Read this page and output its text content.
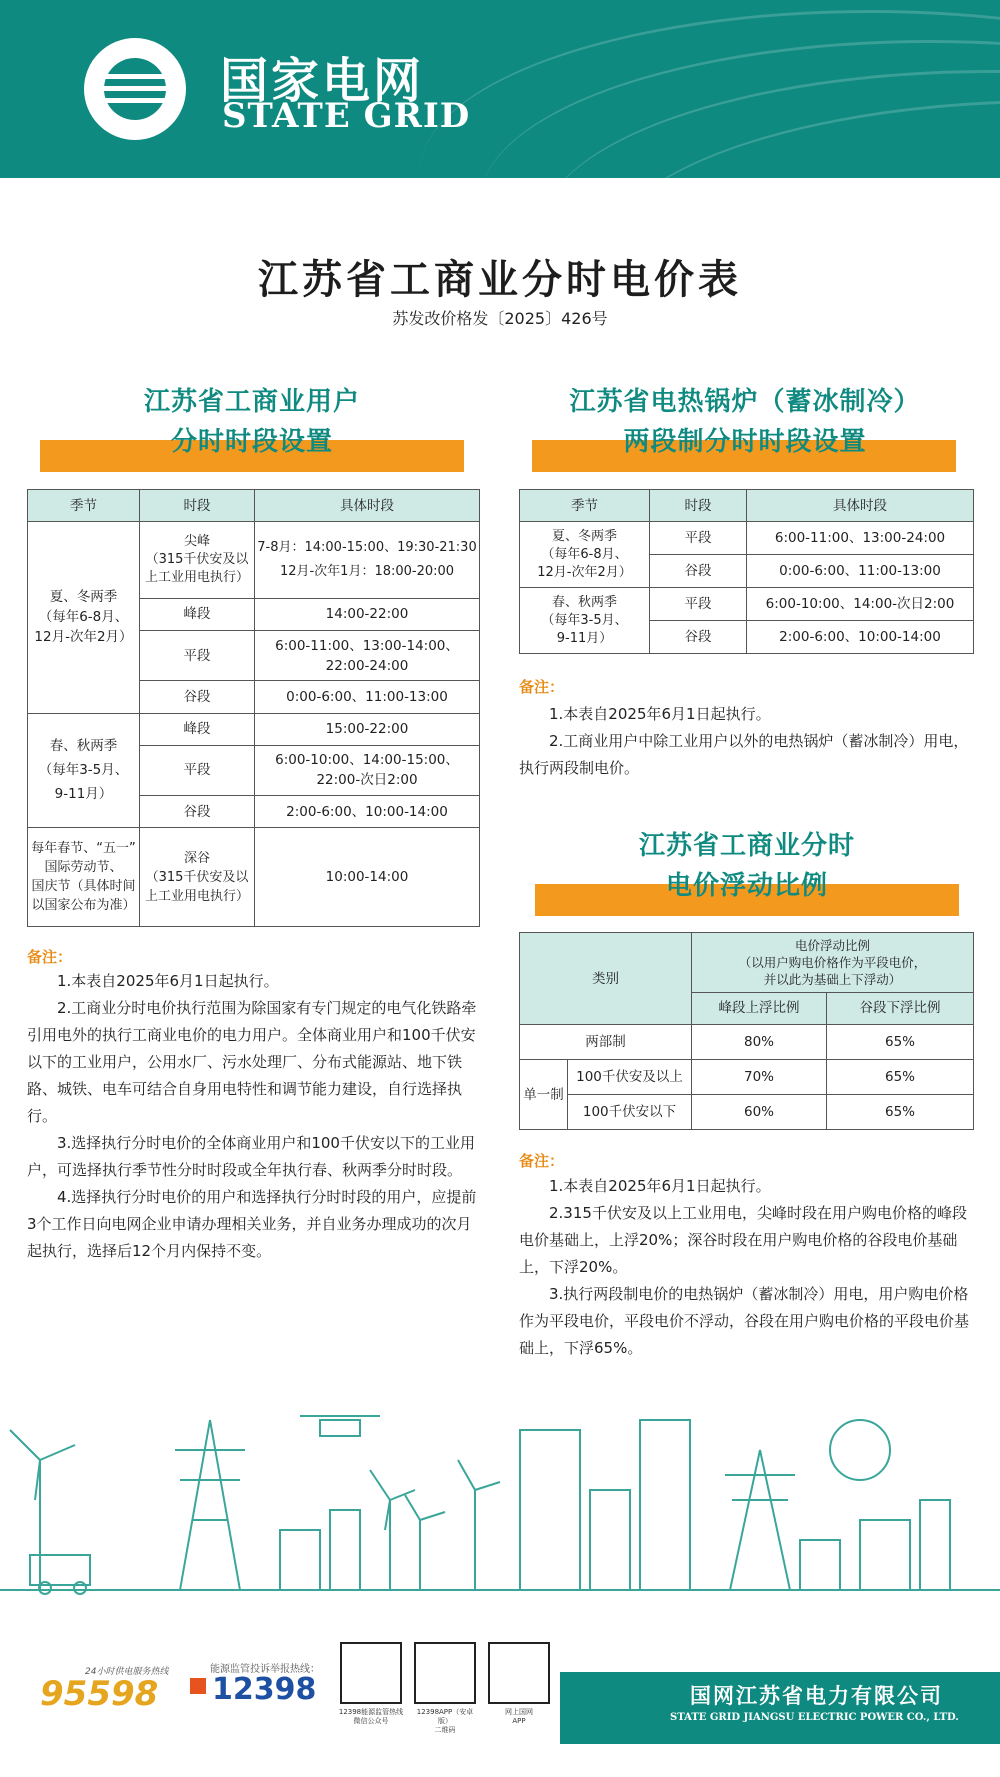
国家电网
STATE GRID
江苏省工商业分时电价表
苏发改价格发〔2025〕426号
江苏省工商业用户
分时时段设置
季节	时段	具体时段
夏、冬两季
（每年6-8月、
12月-次年2月）	尖峰
（315千伏安及以
上工业用电执行）	7-8月：14:00-15:00、19:30-21:30
12月-次年1月：18:00-20:00
	峰段	14:00-22:00
	平段	6:00-11:00、13:00-14:00、
22:00-24:00
	谷段	0:00-6:00、11:00-13:00
春、秋两季
（每年3-5月、
9-11月）	峰段	15:00-22:00
	平段	6:00-10:00、14:00-15:00、
22:00-次日2:00
	谷段	2:00-6:00、10:00-14:00
每年春节、“五一”
国际劳动节、
国庆节（具体时间
以国家公布为准）	深谷
（315千伏安及以
上工业用电执行）	10:00-14:00
备注：

1.本表自2025年6月1日起执行。

2.工商业分时电价执行范围为除国家有专门规定的电气化铁路牵引用电外的执行工商业电价的电力用户。全体商业用户和100千伏安以下的工业用户，公用水厂、污水处理厂、分布式能源站、地下铁路、城铁、电车可结合自身用电特性和调节能力建设，自行选择执行。

3.选择执行分时电价的全体商业用户和100千伏安以下的工业用户，可选择执行季节性分时时段或全年执行春、秋两季分时时段。

4.选择执行分时电价的用户和选择执行分时时段的用户，应提前3个工作日向电网企业申请办理相关业务，并自业务办理成功的次月起执行，选择后12个月内保持不变。

江苏省电热锅炉（蓄冰制冷）
两段制分时时段设置
季节	时段	具体时段
夏、冬两季
（每年6-8月、
12月-次年2月）	平段	6:00-11:00、13:00-24:00
	谷段	0:00-6:00、11:00-13:00
春、秋两季
（每年3-5月、
9-11月）	平段	6:00-10:00、14:00-次日2:00
	谷段	2:00-6:00、10:00-14:00
备注：

1.本表自2025年6月1日起执行。

2.工商业用户中除工业用户以外的电热锅炉（蓄冰制冷）用电，执行两段制电价。

江苏省工商业分时
电价浮动比例
类别		电价浮动比例
（以用户购电价格作为平段电价，
并以此为基础上下浮动）	
		峰段上浮比例	谷段下浮比例
两部制		80%	65%
单一制	100千伏安及以上	70%	65%
	100千伏安以下	60%	65%
备注：

1.本表自2025年6月1日起执行。

2.315千伏安及以上工业用电，尖峰时段在用户购电价格的峰段电价基础上，上浮20%；深谷时段在用户购电价格的谷段电价基础上，下浮20%。

3.执行两段制电价的电热锅炉（蓄冰制冷）用电，用户购电价格作为平段电价，平段电价不浮动，谷段在用户购电价格的平段电价基础上，下浮65%。

24小时供电服务热线
95598
能源监管投诉举报热线：
12398
12398能源监管热线
微信公众号
12398APP（安卓版）
二维码
网上国网
APP
国网江苏省电力有限公司
STATE GRID JIANGSU ELECTRIC POWER CO., LTD.
